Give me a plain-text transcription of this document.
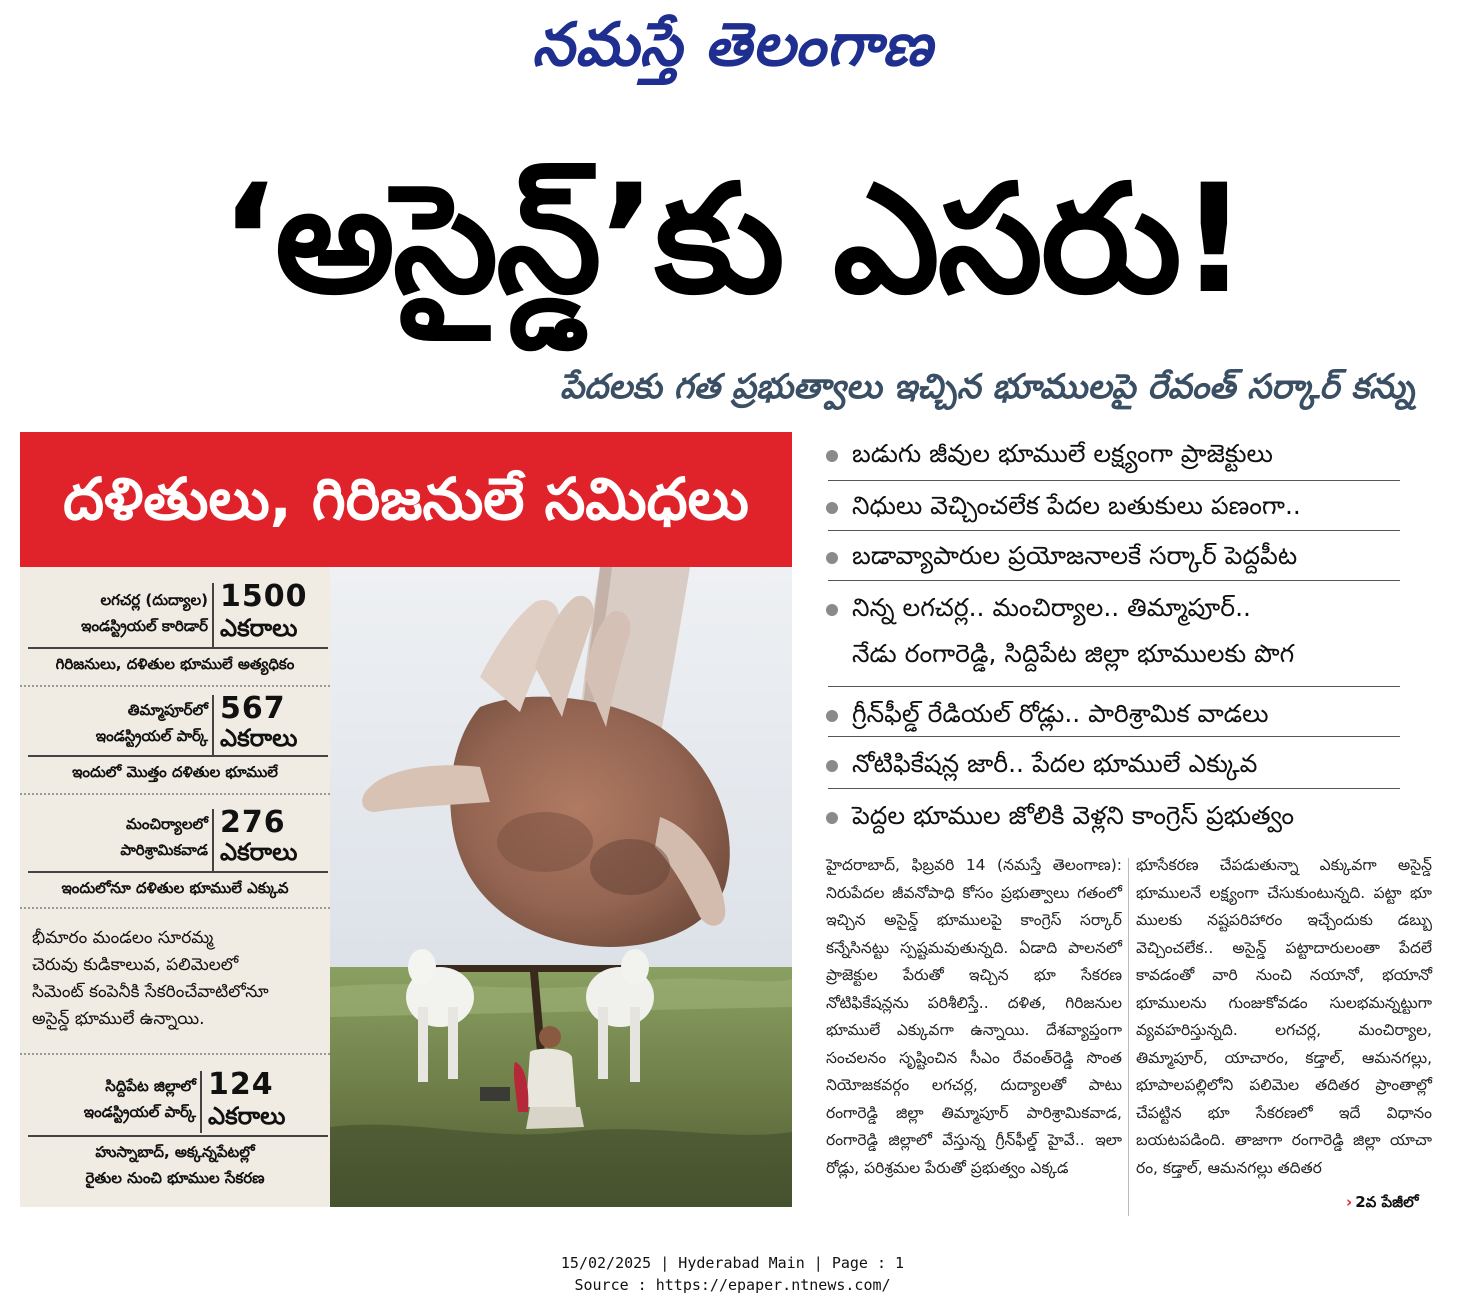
నమస్తే తెలంగాణ
‘అసైన్డ్’కు ఎసరు!
పేదలకు గత ప్రభుత్వాలు ఇచ్చిన భూములపై రేవంత్ సర్కార్ కన్ను
దళితులు, గిరిజనులే సమిధలు
లగచర్ల (దుద్యాల)
ఇండస్ట్రియల్ కారిడార్
1500
ఎకరాలు
గిరిజనులు, దళితుల భూములే అత్యధికం
తిమ్మాపూర్‌లో
ఇండస్ట్రియల్ పార్క్
567
ఎకరాలు
ఇందులో మొత్తం దళితుల భూములే
మంచిర్యాలలో
పారిశ్రామికవాడ
276
ఎకరాలు
ఇందులోనూ దళితుల భూములే ఎక్కువ
భీమారం మండలం సూరమ్మ
చెరువు కుడికాలువ, పలిమెలలో
సిమెంట్ కంపెనీకి సేకరించేవాటిలోనూ
అసైన్డ్ భూములే ఉన్నాయి.
సిద్దిపేట జిల్లాలో
ఇండస్ట్రియల్ పార్క్
124
ఎకరాలు
హుస్నాబాద్, అక్కన్నపేటల్లో
రైతుల నుంచి భూముల సేకరణ
బడుగు జీవుల భూములే లక్ష్యంగా ప్రాజెక్టులు
నిధులు వెచ్చించలేక పేదల బతుకులు పణంగా..
బడావ్యాపారుల ప్రయోజనాలకే సర్కార్ పెద్దపీట
నిన్న లగచర్ల.. మంచిర్యాల.. తిమ్మాపూర్..
నేడు రంగారెడ్డి, సిద్దిపేట జిల్లా భూములకు పొగ
గ్రీన్‌ఫీల్డ్ రేడియల్ రోడ్లు.. పారిశ్రామిక వాడలు
నోటిఫికేషన్ల జారీ.. పేదల భూములే ఎక్కువ
పెద్దల భూముల జోలికి వెళ్లని కాంగ్రెస్ ప్రభుత్వం
హైదరాబాద్, ఫిబ్రవరి 14 (నమస్తే తెలంగాణ): నిరుపేదల జీవనోపాధి కోసం ప్రభుత్వాలు గతంలో ఇచ్చిన అసైన్డ్ భూములపై కాంగ్రెస్ సర్కార్ కన్నేసినట్టు స్పష్టమవుతున్నది. ఏడాది పాలనలో ప్రాజెక్టుల పేరుతో ఇచ్చిన భూ సేకరణ నోటిఫికేషన్లను పరిశీలిస్తే.. దళిత, గిరిజనుల భూములే ఎక్కువగా ఉన్నాయి. దేశవ్యాప్తంగా సంచలనం సృష్టించిన సీఎం రేవంత్‌రెడ్డి సొంత నియోజకవర్గం లగచర్ల, దుద్యాలతో పాటు రంగారెడ్డి జిల్లా తిమ్మాపూర్ పారిశ్రామికవాడ, రంగారెడ్డి జిల్లాలో వేస్తున్న గ్రీన్‌ఫీల్డ్ హైవే.. ఇలా రోడ్లు, పరిశ్రమల పేరుతో ప్రభుత్వం ఎక్కడ
భూసేకరణ చేపడుతున్నా ఎక్కువగా అసైన్డ్ భూములనే లక్ష్యంగా చేసుకుంటున్నది. పట్టా భూ ములకు నష్టపరిహారం ఇచ్చేందుకు డబ్బు వెచ్చించలేక.. అసైన్డ్ పట్టాదారులంతా పేదలే కావడంతో వారి నుంచి నయానో, భయానో భూములను గుంజుకోవడం సులభమన్నట్టుగా వ్యవహరిస్తున్నది. లగచర్ల, మంచిర్యాల, తిమ్మాపూర్, యాచారం, కడ్తాల్, ఆమనగల్లు, భూపాలపల్లిలోని పలిమెల తదితర ప్రాంతాల్లో చేపట్టిన భూ సేకరణలో ఇదే విధానం బయటపడింది. తాజాగా రంగారెడ్డి జిల్లా యాచా రం, కడ్తాల్, ఆమనగల్లు తదితర
› 2వ పేజీలో
15/02/2025 | Hyderabad Main | Page : 1
Source : https://epaper.ntnews.com/
